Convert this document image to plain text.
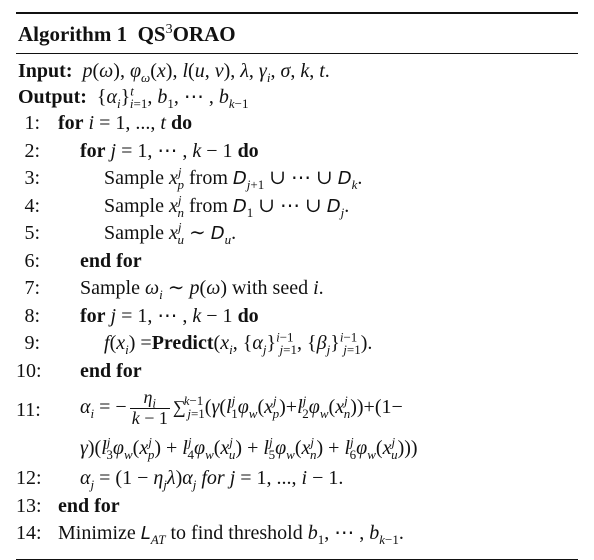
Algorithm 1 $QS^3ORAO$
Input: p(ω), $\varphi_\omega(x)$, l(u, v), λ, $\gamma_i$, σ, k, t.
Output:  $\{\alpha_i\}^t_{i=1}$, $b_1$, ⋯ , $b_{k-1}$
1: for i = 1, ..., t do
2: for j = 1, ⋯ , k − 1 do
3:	Sample $x^j_p$ from $D_{j+1}$ ∪ ⋯ ∪ $D_k$.
4:	Sample $x^j_n$ from $D_1$ ∪ ⋯ ∪ $D_j$.
5:	Sample $x^j_u$ ∼ $D_u$.
6: end for
7: Sample $\omega_i$ ∼ p(ω) with seed i.
8: for j = 1, ⋯ , k − 1 do
9:	$f(x_i)$ $=Predict(x_i$, $\{\alpha_j\}^{i-1}_{j=1}$, $\{\beta_j\}^{i-1}_{j=1}$).
10: end for
11: $\alpha_i$ = − $\frac{\eta_i}{k - 1} \sum^{k-1}_{j=1}(\gamma(l^j_1\varphi_w(x^j_p)+l^j_2\varphi_w(x^j_n))+(1-$
$\gamma)(l^j_3\varphi_w(x^j_p) + l^j_4\varphi_w(x^j_u) + l^j_5\varphi_w(x^j_n) + l^j_6\varphi_w(x^j_u))$)
12: $\alpha_j = (1 - \eta_j\lambda)\alpha_j$ for j = 1, ..., i − 1.
13: end for
14: Minimize $L_{AT}$ to find threshold $b_1$, ⋯ , $b_{k-1}$.
